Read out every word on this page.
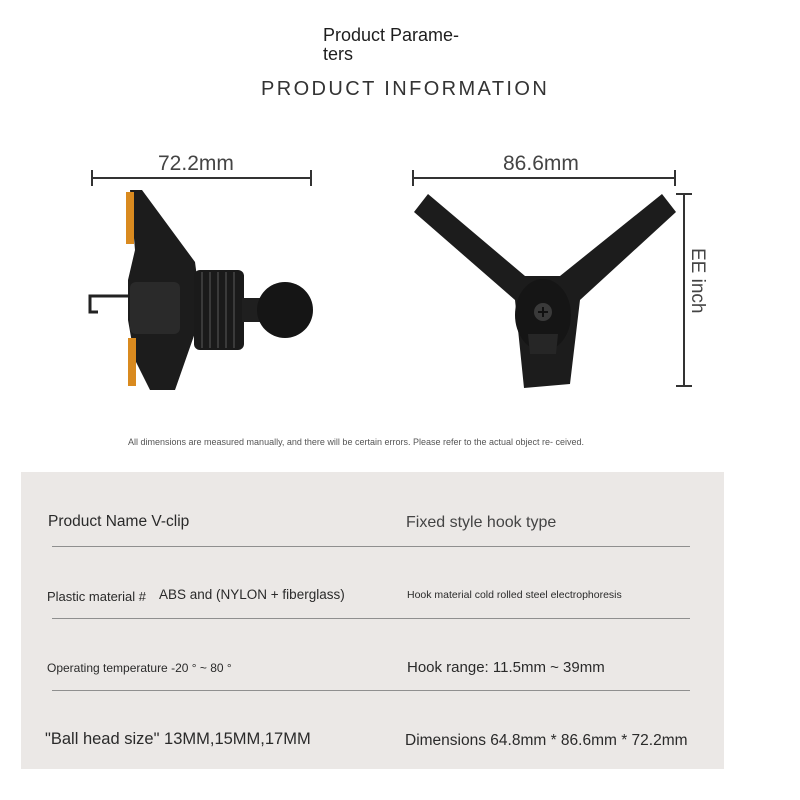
Product Parame-
ters
PRODUCT INFORMATION
72.2mm	86.6mm
EE inch
All dimensions are measured manually, and there will be certain errors. Please refer to the actual object re- ceived.
Product Name V-clip	Fixed style hook type
Plastic material # ABS and (NYLON + fiberglass)	Hook material cold rolled steel electrophoresis
Operating temperature -20 ° ~ 80 °	Hook range: 11.5mm ~ 39mm
"Ball head size" 13MM,15MM,17MM	Dimensions 64.8mm * 86.6mm * 72.2mm
